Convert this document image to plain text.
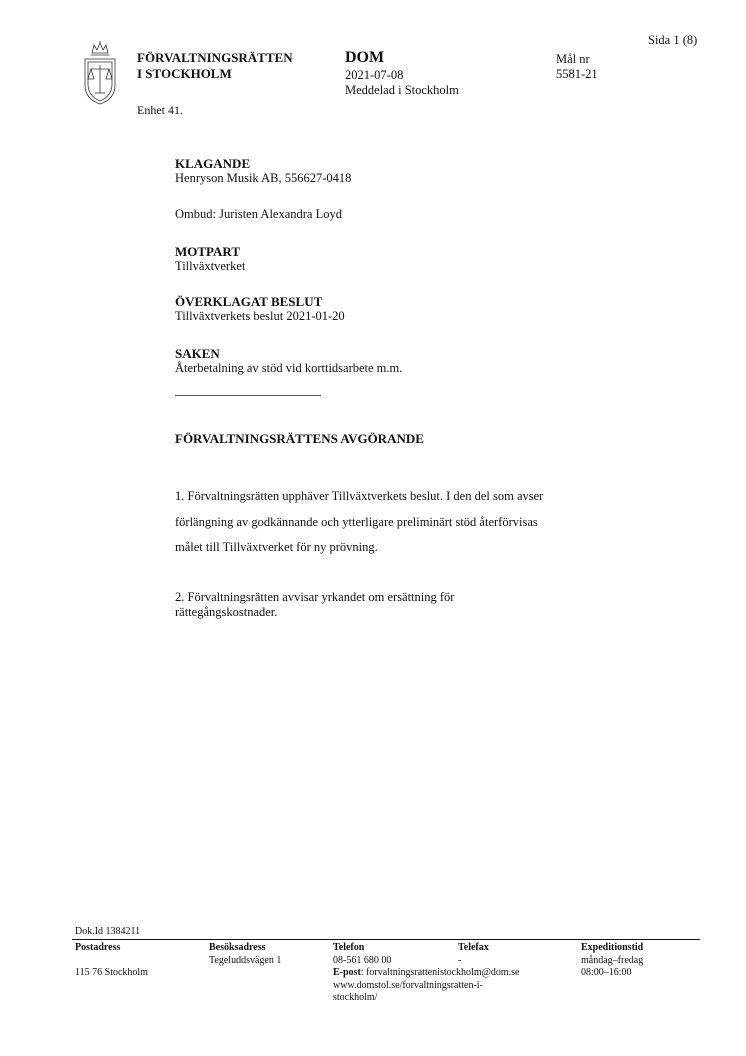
Sida 1 (8)
FÖRVALTNINGSRÄTTEN
I STOCKHOLM
Enhet 41.
DOM
2021-07-08
Meddelad i Stockholm
Mål nr
5581-21
KLAGANDE
Henryson Musik AB, 556627-0418
Ombud: Juristen Alexandra Loyd
MOTPART
Tillväxtverket
ÖVERKLAGAT BESLUT
Tillväxtverkets beslut 2021-01-20
SAKEN
Återbetalning av stöd vid korttidsarbete m.m.
FÖRVALTNINGSRÄTTENS AVGÖRANDE
1. Förvaltningsrätten upphäver Tillväxtverkets beslut. I den del som avser
förlängning av godkännande och ytterligare preliminärt stöd återförvisas
målet till Tillväxtverket för ny prövning.
2. Förvaltningsrätten avvisar yrkandet om ersättning för
rättegångskostnader.
Dok.Id 1384211
Postadress

115 76 Stockholm
Besöksadress
Tegeluddsvägen 1
Telefon
08-561 680 00
E-post: forvaltningsrattenistockholm@dom.se
www.domstol.se/forvaltningsratten-i-
stockholm/
Telefax
-
Expeditionstid
måndag–fredag
08:00–16:00
